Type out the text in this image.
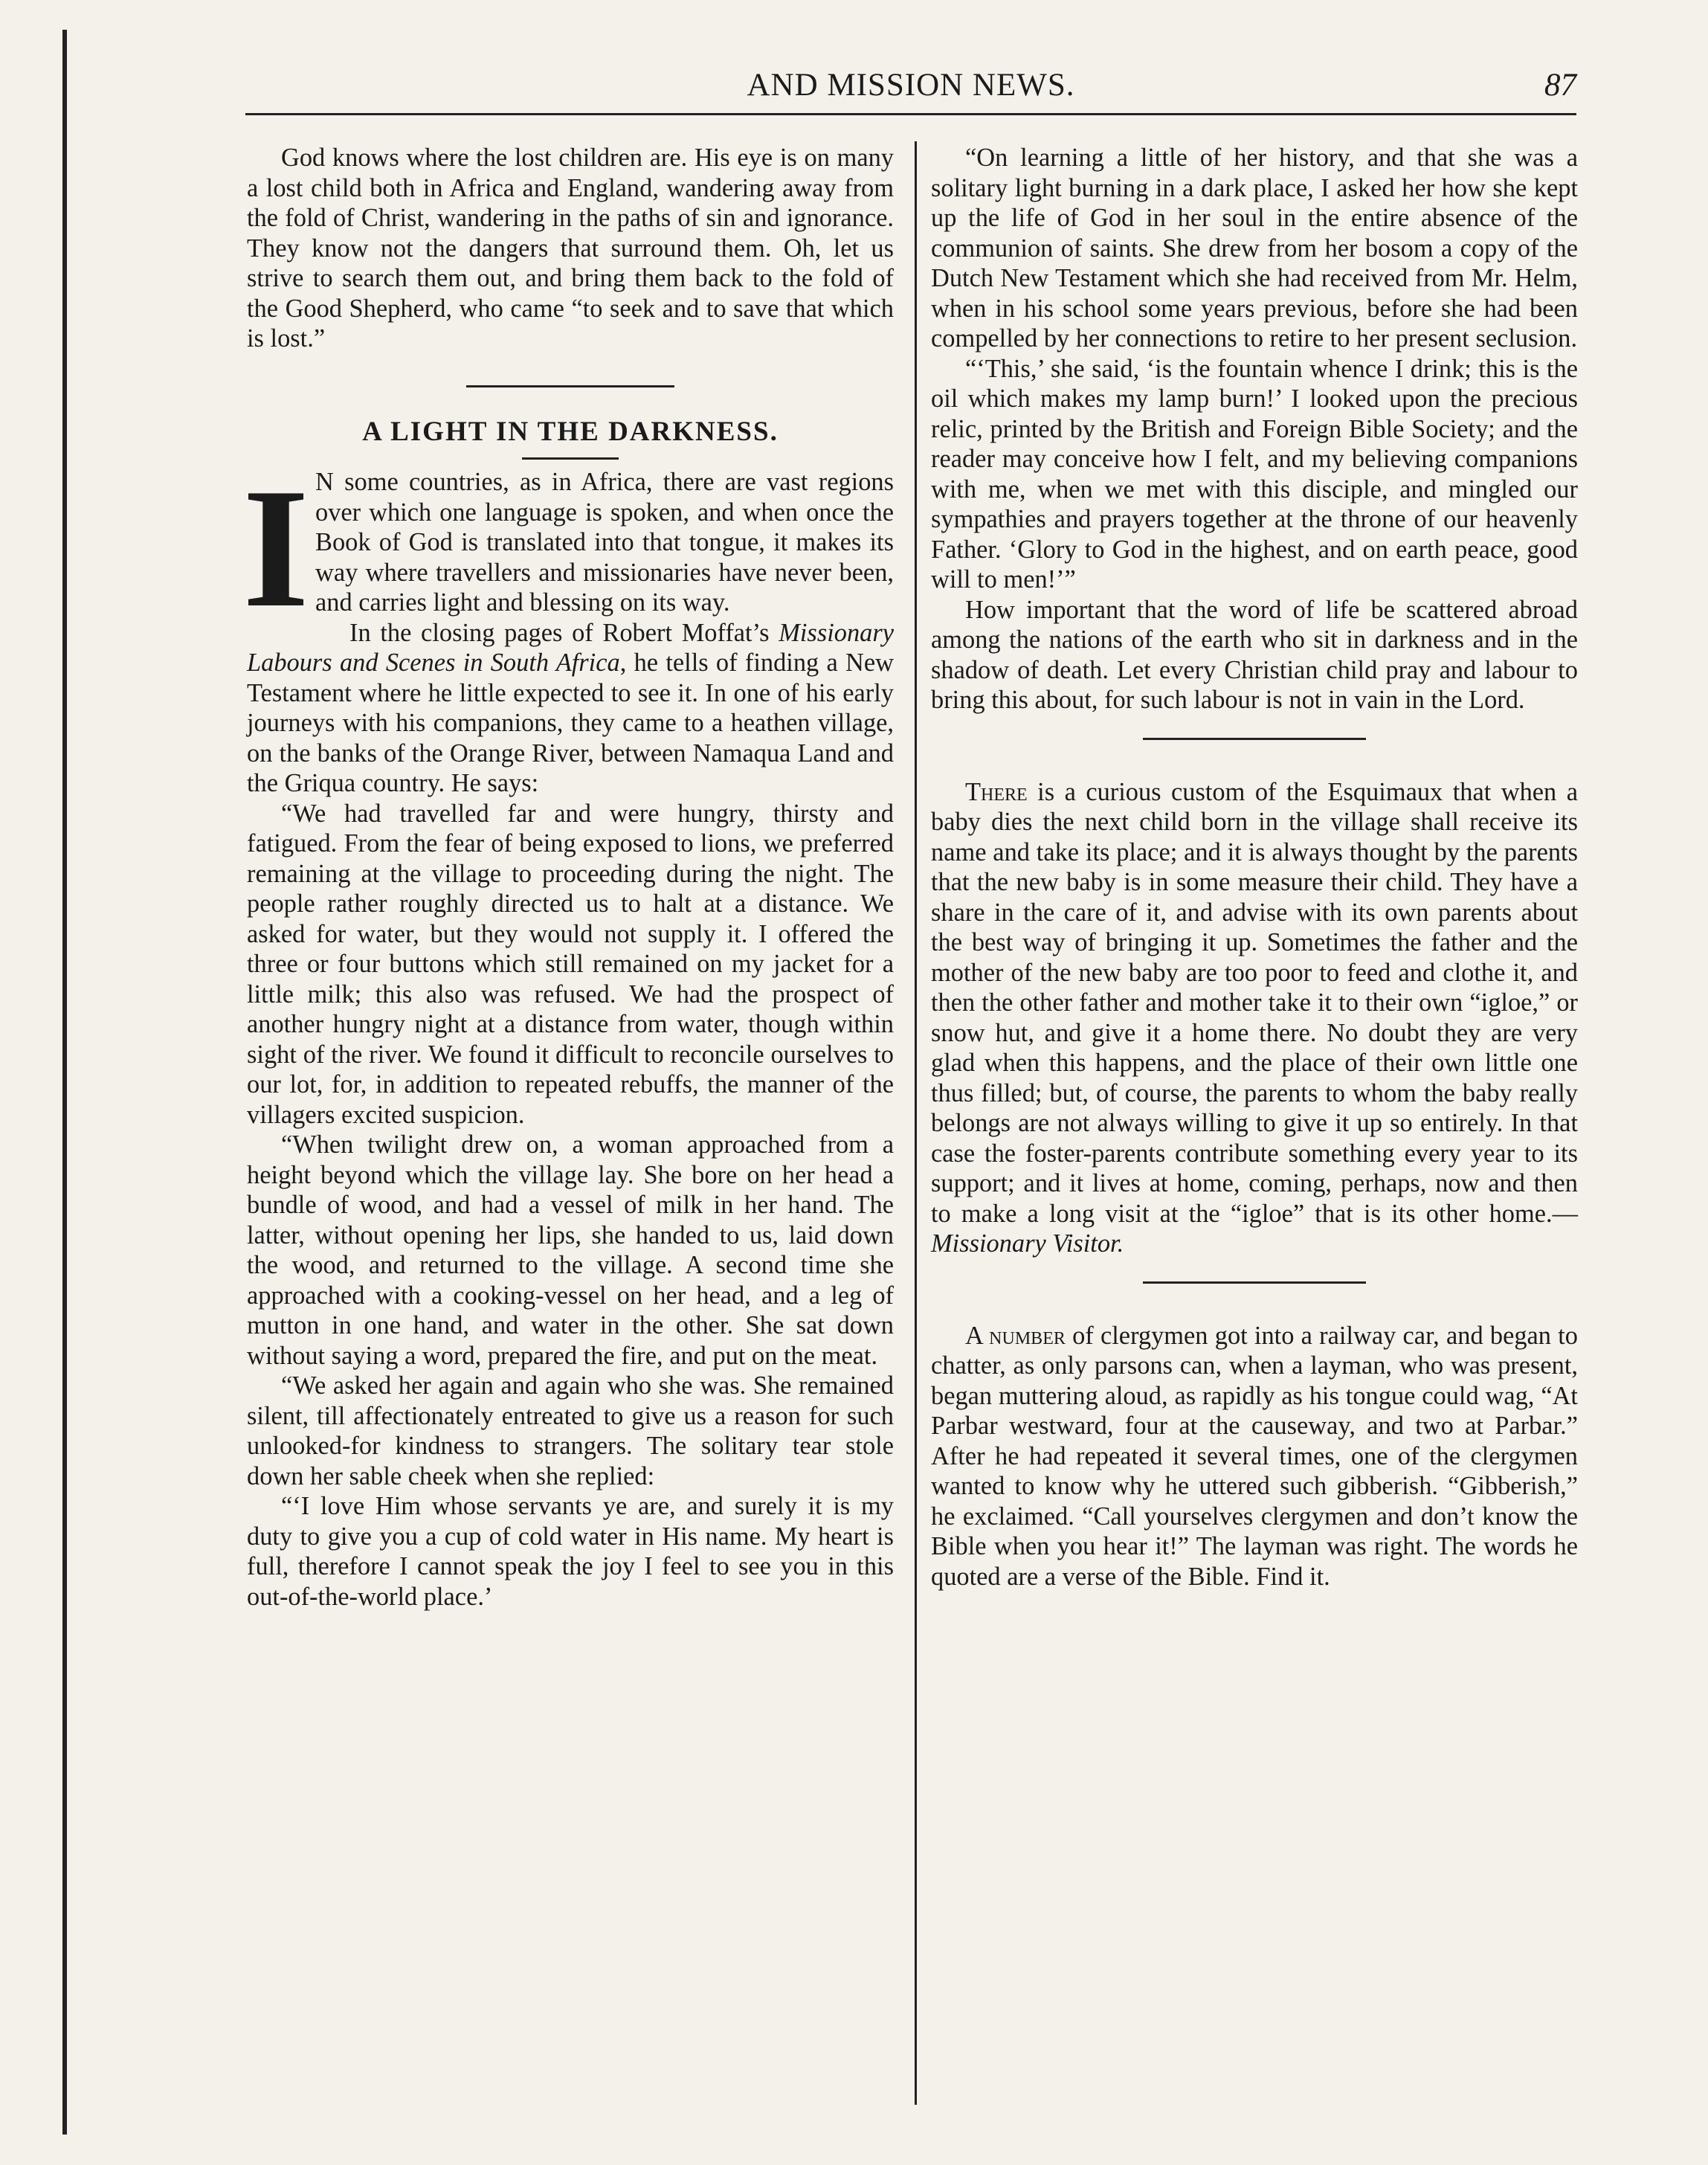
AND MISSION NEWS.	87

God knows where the lost children are. His eye is on many a lost child both in Africa and England, wandering away from the fold of Christ, wandering in the paths of sin and ignorance. They know not the dangers that surround them. Oh, let us strive to search them out, and bring them back to the fold of the Good Shepherd, who came “to seek and to save that which is lost.”

A LIGHT IN THE DARKNESS.

I N some countries, as in Africa, there are vast regions over which one language is spoken, and when once the Book of God is translated into that tongue, it makes its way where travellers and missionaries have never been, and carries light and blessing on its way.

In the closing pages of Robert Moffat’s Missionary Labours and Scenes in South Africa, he tells of finding a New Testament where he little expected to see it. In one of his early journeys with his companions, they came to a heathen village, on the banks of the Orange River, between Namaqua Land and the Griqua country. He says:

“We had travelled far and were hungry, thirsty and fatigued. From the fear of being exposed to lions, we preferred remaining at the village to proceeding during the night. The people rather roughly directed us to halt at a distance. We asked for water, but they would not supply it. I offered the three or four buttons which still remained on my jacket for a little milk; this also was refused. We had the prospect of another hungry night at a distance from water, though within sight of the river. We found it difficult to reconcile ourselves to our lot, for, in addition to repeated rebuffs, the manner of the villagers excited suspicion.

“When twilight drew on, a woman approached from a height beyond which the village lay. She bore on her head a bundle of wood, and had a vessel of milk in her hand. The latter, without opening her lips, she handed to us, laid down the wood, and returned to the village. A second time she approached with a cooking-vessel on her head, and a leg of mutton in one hand, and water in the other. She sat down without saying a word, prepared the fire, and put on the meat.

“We asked her again and again who she was. She remained silent, till affectionately entreated to give us a reason for such unlooked-for kindness to strangers. The solitary tear stole down her sable cheek when she replied:

“‘I love Him whose servants ye are, and surely it is my duty to give you a cup of cold water in His name. My heart is full, therefore I cannot speak the joy I feel to see you in this out-of-the-world place.’

“On learning a little of her history, and that she was a solitary light burning in a dark place, I asked her how she kept up the life of God in her soul in the entire absence of the communion of saints. She drew from her bosom a copy of the Dutch New Testament which she had received from Mr. Helm, when in his school some years previous, before she had been compelled by her connections to retire to her present seclusion.

“‘This,’ she said, ‘is the fountain whence I drink; this is the oil which makes my lamp burn!’ I looked upon the precious relic, printed by the British and Foreign Bible Society; and the reader may conceive how I felt, and my believing companions with me, when we met with this disciple, and mingled our sympathies and prayers together at the throne of our heavenly Father. ‘Glory to God in the highest, and on earth peace, good will to men!’”

How important that the word of life be scattered abroad among the nations of the earth who sit in darkness and in the shadow of death. Let every Christian child pray and labour to bring this about, for such labour is not in vain in the Lord.

There is a curious custom of the Esquimaux that when a baby dies the next child born in the village shall receive its name and take its place; and it is always thought by the parents that the new baby is in some measure their child. They have a share in the care of it, and advise with its own parents about the best way of bringing it up. Sometimes the father and the mother of the new baby are too poor to feed and clothe it, and then the other father and mother take it to their own “igloe,” or snow hut, and give it a home there. No doubt they are very glad when this happens, and the place of their own little one thus filled; but, of course, the parents to whom the baby really belongs are not always willing to give it up so entirely. In that case the foster-parents contribute something every year to its support; and it lives at home, coming, perhaps, now and then to make a long visit at the “igloe” that is its other home.—Missionary Visitor.

A number of clergymen got into a railway car, and began to chatter, as only parsons can, when a layman, who was present, began muttering aloud, as rapidly as his tongue could wag, “At Parbar westward, four at the causeway, and two at Parbar.” After he had repeated it several times, one of the clergymen wanted to know why he uttered such gibberish. “Gibberish,” he exclaimed. “Call yourselves clergymen and don’t know the Bible when you hear it!” The layman was right. The words he quoted are a verse of the Bible. Find it.
